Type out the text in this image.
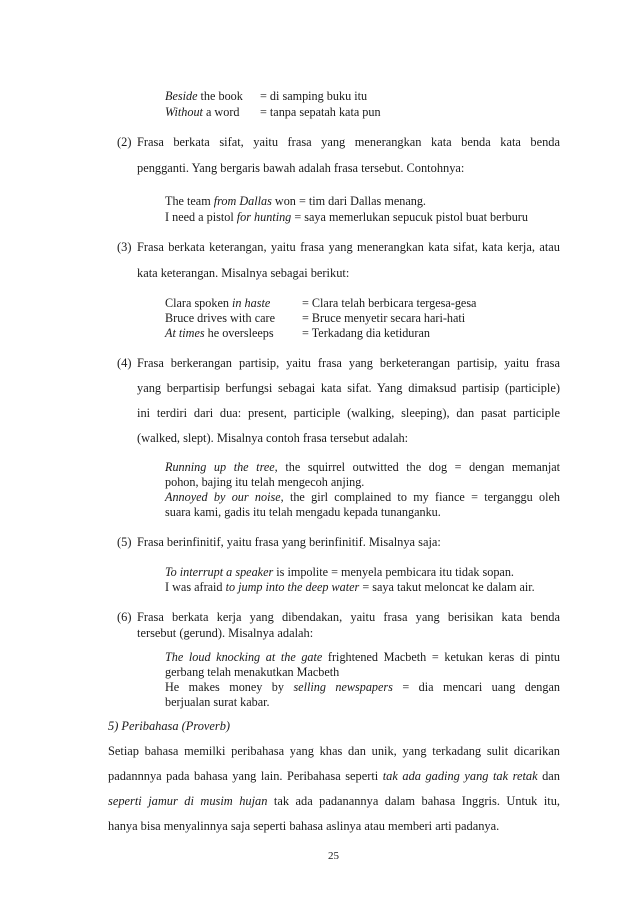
Beside the book = di samping buku itu
Without a word = tanpa sepatah kata pun
(2) Frasa berkata sifat, yaitu frasa yang menerangkan kata benda kata benda
pengganti. Yang bergaris bawah adalah frasa tersebut. Contohnya:
The team from Dallas won = tim dari Dallas menang.
I need a pistol for hunting = saya memerlukan sepucuk pistol buat berburu
(3) Frasa berkata keterangan, yaitu frasa yang menerangkan kata sifat, kata kerja, atau
kata keterangan. Misalnya sebagai berikut:
Clara spoken in haste	= Clara telah berbicara tergesa-gesa
Bruce drives with care = Bruce menyetir secara hari-hati
At times he oversleeps = Terkadang dia ketiduran
(4) Frasa berkerangan partisip, yaitu frasa yang berketerangan partisip, yaitu frasa
yang berpartisip berfungsi sebagai kata sifat. Yang dimaksud partisip (participle)
ini terdiri dari dua: present, participle (walking, sleeping), dan pasat participle
(walked, slept). Misalnya contoh frasa tersebut adalah:
Running up the tree, the squirrel outwitted the dog = dengan memanjat
pohon, bajing itu telah mengecoh anjing.
Annoyed by our noise, the girl complained to my fiance = terganggu oleh
suara kami, gadis itu telah mengadu kepada tunanganku.
(5) Frasa berinfinitif, yaitu frasa yang berinfinitif. Misalnya saja:
To interrupt a speaker is impolite = menyela pembicara itu tidak sopan.
I was afraid to jump into the deep water = saya takut meloncat ke dalam air.
(6) Frasa berkata kerja yang dibendakan, yaitu frasa yang berisikan kata benda
tersebut (gerund). Misalnya adalah:
The loud knocking at the gate frightened Macbeth = ketukan keras di pintu
gerbang telah menakutkan Macbeth
He makes money by selling newspapers = dia mencari uang dengan
berjualan surat kabar.
5) Peribahasa (Proverb)
Setiap bahasa memilki peribahasa yang khas dan unik, yang terkadang sulit dicarikan
padannnya pada bahasa yang lain. Peribahasa seperti tak ada gading yang tak retak dan
seperti jamur di musim hujan tak ada padanannya dalam bahasa Inggris. Untuk itu,
hanya bisa menyalinnya saja seperti bahasa aslinya atau memberi arti padanya.
25
